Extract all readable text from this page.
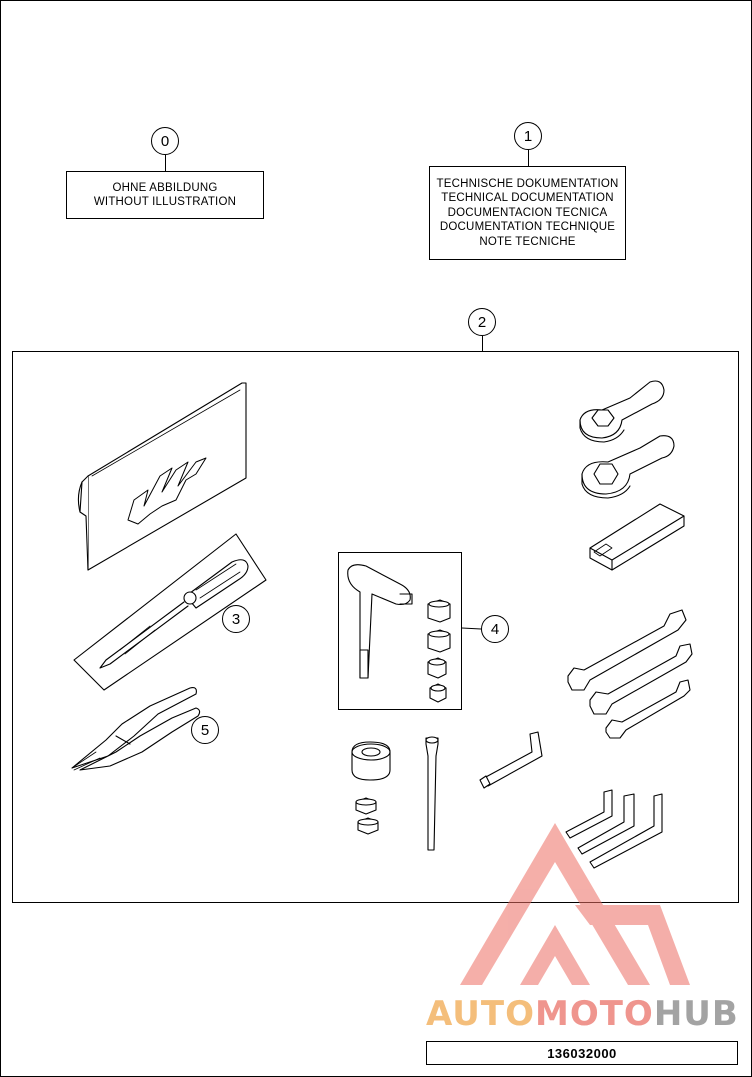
0
OHNE ABBILDUNG
WITHOUT ILLUSTRATION
1
TECHNISCHE DOKUMENTATION
TECHNICAL DOCUMENTATION
DOCUMENTACION TECNICA
DOCUMENTATION TECHNIQUE
NOTE TECNICHE
2
3
4
5
AUTOMOTOHUB
136032000
